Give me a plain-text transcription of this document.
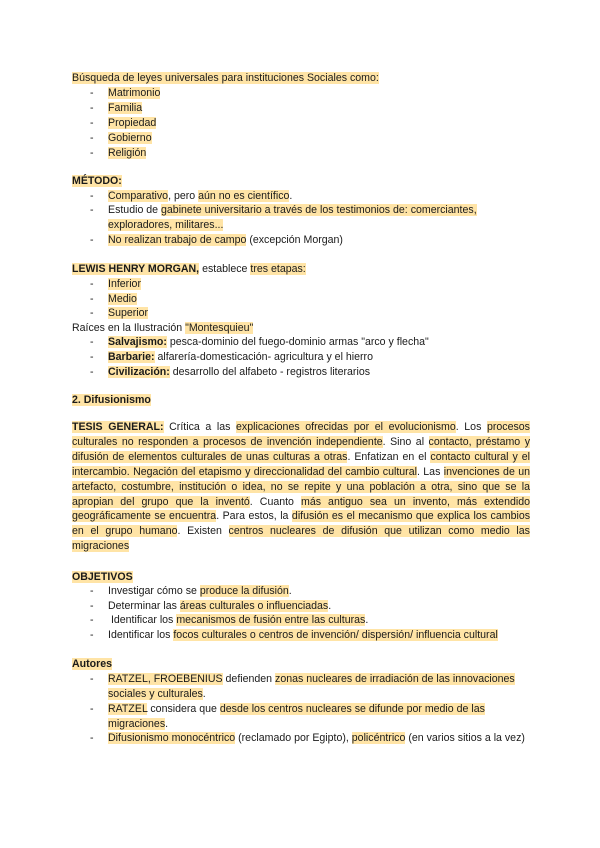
Búsqueda de leyes universales para instituciones Sociales como:
- Matrimonio
- Familia
- Propiedad
- Gobierno
- Religión
MÉTODO:
- Comparativo, pero aún no es científico.
- Estudio de gabinete universitario a través de los testimonios de: comerciantes, exploradores, militares...
- No realizan trabajo de campo (excepción Morgan)
LEWIS HENRY MORGAN, establece tres etapas:
- Inferior
- Medio
- Superior
Raíces en la Ilustración "Montesquieu"
- Salvajismo: pesca-dominio del fuego-dominio armas "arco y flecha"
- Barbarie: alfarería-domesticación- agricultura y el hierro
- Civilización: desarrollo del alfabeto - registros literarios
2. Difusionismo
TESIS GENERAL: Crítica a las explicaciones ofrecidas por el evolucionismo. Los procesos culturales no responden a procesos de invención independiente. Sino al contacto, préstamo y difusión de elementos culturales de unas culturas a otras. Enfatizan en el contacto cultural y el intercambio. Negación del etapismo y direccionalidad del cambio cultural. Las invenciones de un artefacto, costumbre, institución o idea, no se repite y una población a otra, sino que se la apropian del grupo que la inventó. Cuanto más antiguo sea un invento, más extendido geográficamente se encuentra. Para estos, la difusión es el mecanismo que explica los cambios en el grupo humano. Existen centros nucleares de difusión que utilizan como medio las migraciones
OBJETIVOS
- Investigar cómo se produce la difusión.
- Determinar las áreas culturales o influenciadas.
- Identificar los mecanismos de fusión entre las culturas.
- Identificar los focos culturales o centros de invención/ dispersión/ influencia cultural
Autores
- RATZEL, FROEBENIUS defienden zonas nucleares de irradiación de las innovaciones sociales y culturales.
- RATZEL considera que desde los centros nucleares se difunde por medio de las migraciones.
- Difusionismo monocéntrico (reclamado por Egipto), policéntrico (en varios sitios a la vez)
